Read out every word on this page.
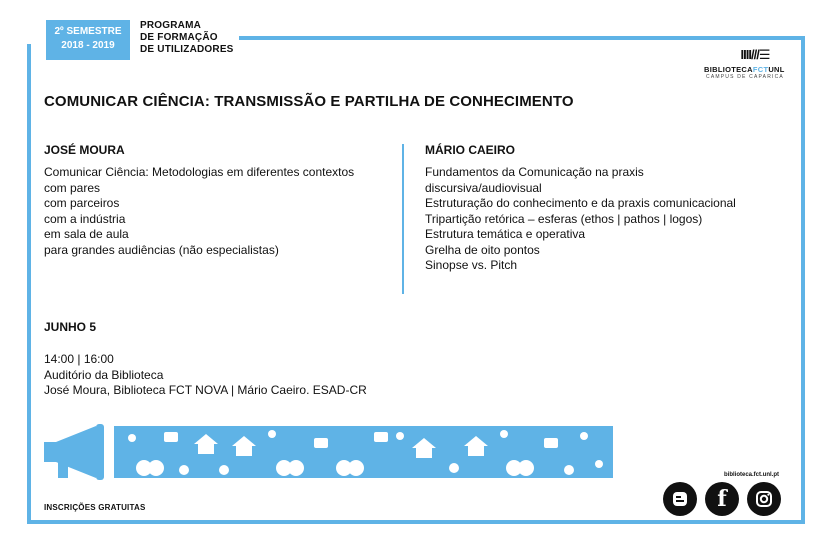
2º SEMESTRE
2018 - 2019
PROGRAMA
DE FORMAÇÃO
DE UTILIZADORES	IIII///☰
BIBLIOTECAFCTUNL
CAMPUS DE CAPARICA
COMUNICAR CIÊNCIA: TRANSMISSÃO E PARTILHA DE CONHECIMENTO
JOSÉ MOURA
Comunicar Ciência: Metodologias em diferentes contextos
com pares
com parceiros
com a indústria
em sala de aula
para grandes audiências (não especialistas)
MÁRIO CAEIRO
Fundamentos da Comunicação na praxis
discursiva/audiovisual
Estruturação do conhecimento e da praxis comunicacional
Tripartição retórica – esferas (ethos | pathos | logos)
Estrutura temática e operativa
Grelha de oito pontos
Sinopse vs. Pitch
JUNHO 5
14:00 | 16:00
Auditório da Biblioteca
José Moura, Biblioteca FCT NOVA | Mário Caeiro. ESAD-CR
biblioteca.fct.unl.pt
f
INSCRIÇÕES GRATUITAS
